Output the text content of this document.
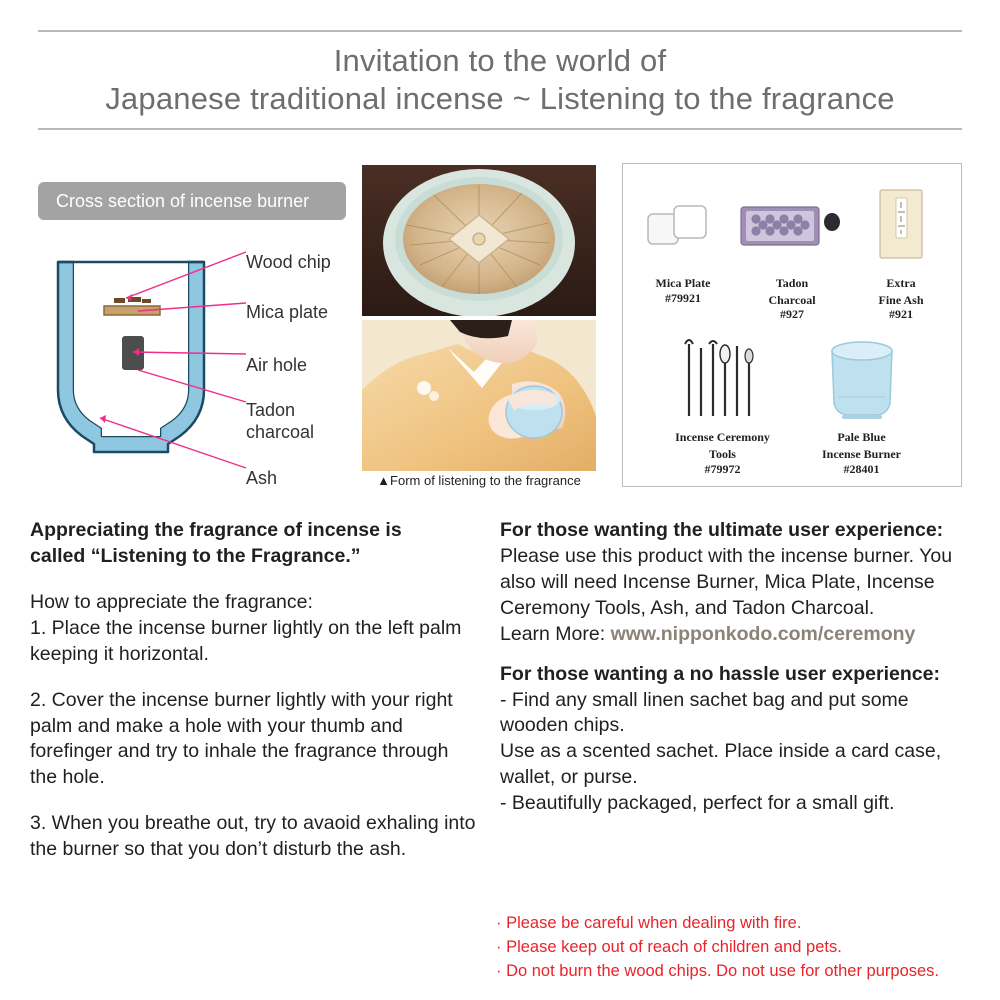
Invitation to the world of
Japanese traditional incense ~ Listening to the fragrance
Cross section of incense burner
Wood chip
Mica plate
Air hole
Tadon
charcoal
Ash	▲Form of listening to the fragrance
Mica Plate
#79921
Tadon
Charcoal
#927
Extra
Fine Ash
#921
Incense Ceremony
Tools
#79972
Pale Blue
Incense Burner
#28401
Appreciating the fragrance of incense is
called “Listening to the Fragrance.”
How to appreciate the fragrance:
1. Place the incense burner lightly on the left palm keeping it horizontal.
2. Cover the incense burner lightly with your right palm and make a hole with your thumb and forefinger and try to inhale the fragrance through the hole.
3. When you breathe out, try to avaoid exhaling into the burner so that you don’t disturb the ash.
For those wanting the ultimate user experience:
Please use this product with the incense burner. You also will need Incense Burner, Mica Plate, Incense Ceremony Tools, Ash, and Tadon Charcoal.
Learn More: www.nipponkodo.com/ceremony
For those wanting a no hassle user experience:
- Find any small linen sachet bag and put some wooden chips.
Use as a scented sachet. Place inside a card case, wallet, or purse.
- Beautifully packaged, perfect for a small gift.
· Please be careful when dealing with fire.
· Please keep out of reach of children and pets.
· Do not burn the wood chips. Do not use for other purposes.
